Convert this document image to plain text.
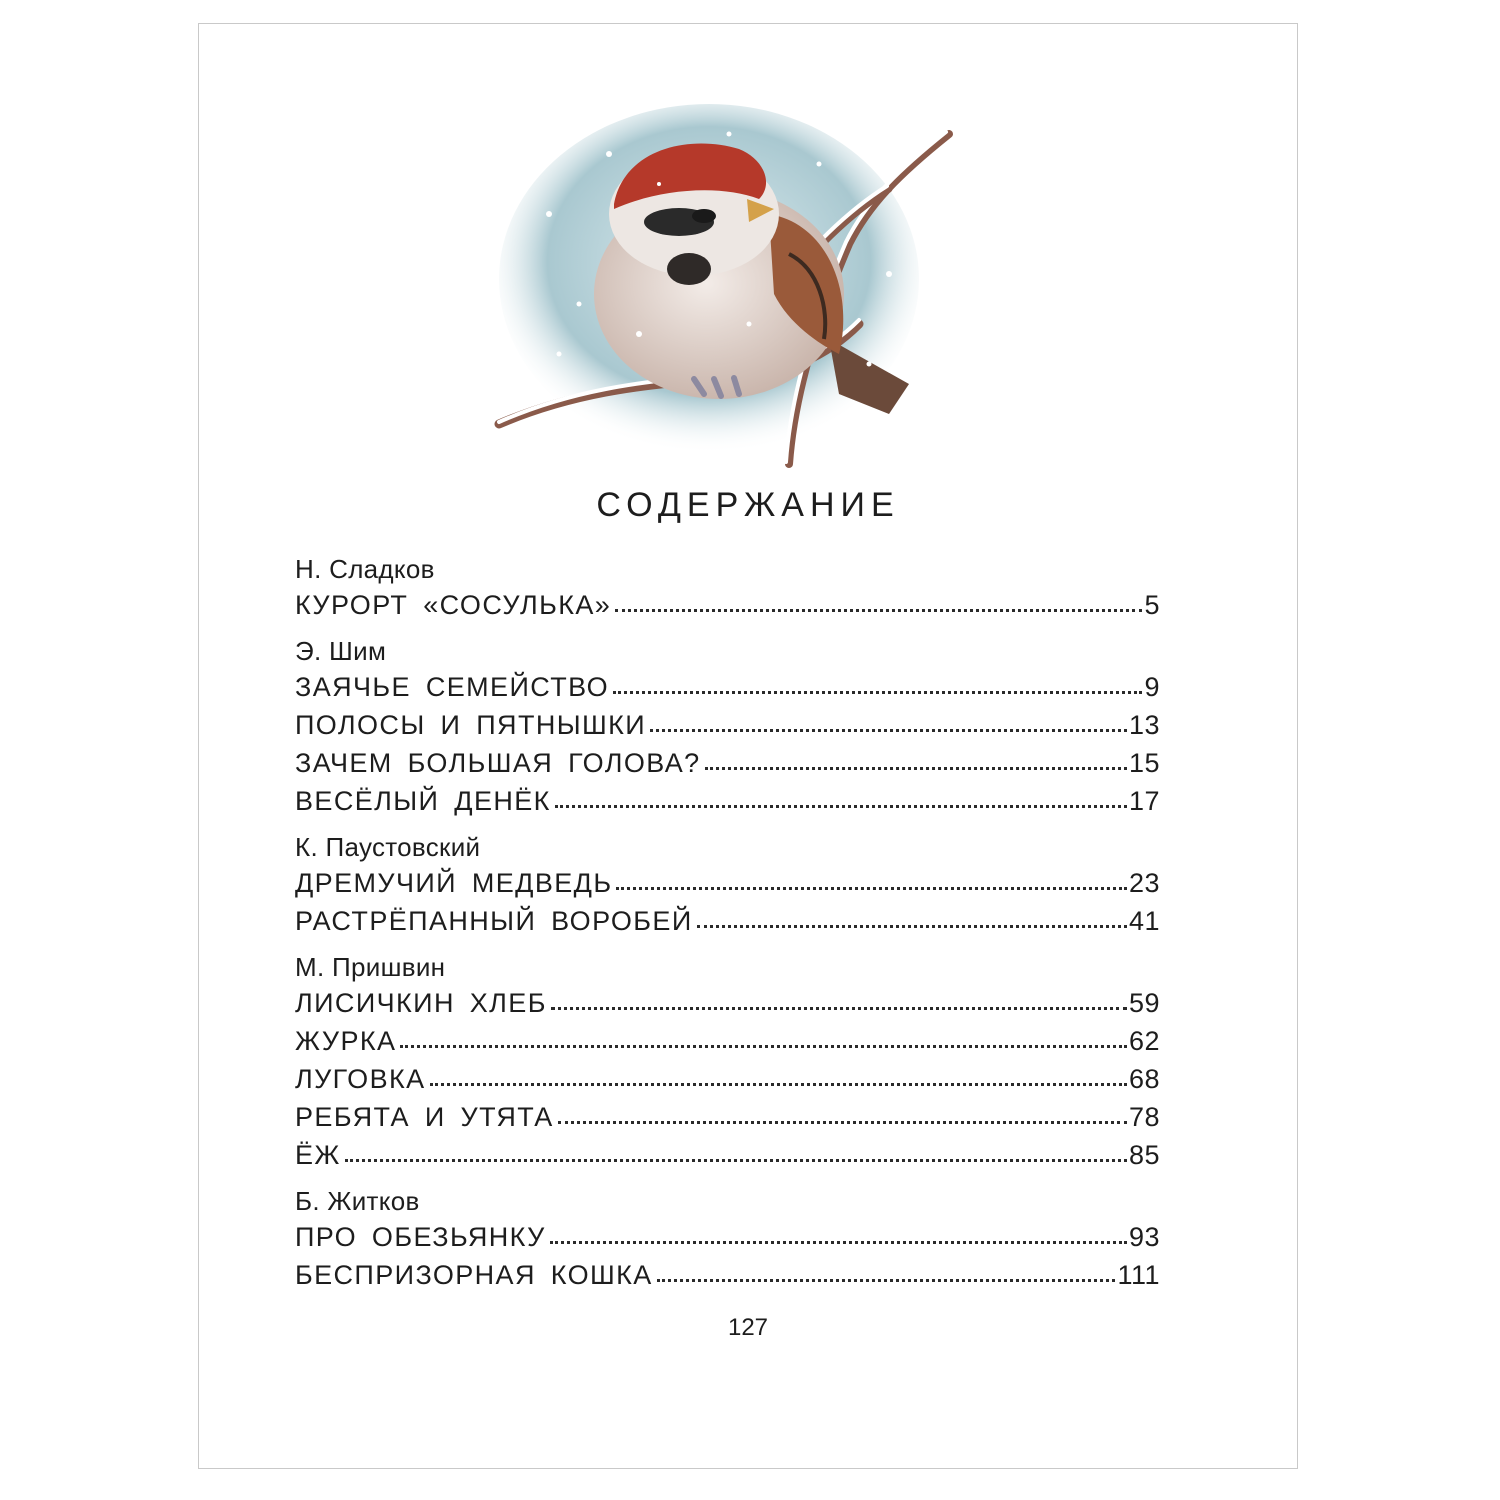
СОДЕРЖАНИЕ
Н. Сладков
КУРОРТ «СОСУЛЬКА»	5
Э. Шим
ЗАЯЧЬЕ СЕМЕЙСТВО	9
ПОЛОСЫ И ПЯТНЫШКИ	13
ЗАЧЕМ БОЛЬШАЯ ГОЛОВА?	15
ВЕСЁЛЫЙ ДЕНЁК	17
К. Паустовский
ДРЕМУЧИЙ МЕДВЕДЬ	23
РАСТРЁПАННЫЙ ВОРОБЕЙ	41
М. Пришвин
ЛИСИЧКИН ХЛЕБ	59
ЖУРКА	62
ЛУГОВКА	68
РЕБЯТА И УТЯТА	78
ЁЖ	85
Б. Житков
ПРО ОБЕЗЬЯНКУ	93
БЕСПРИЗОРНАЯ КОШКА	111
127
